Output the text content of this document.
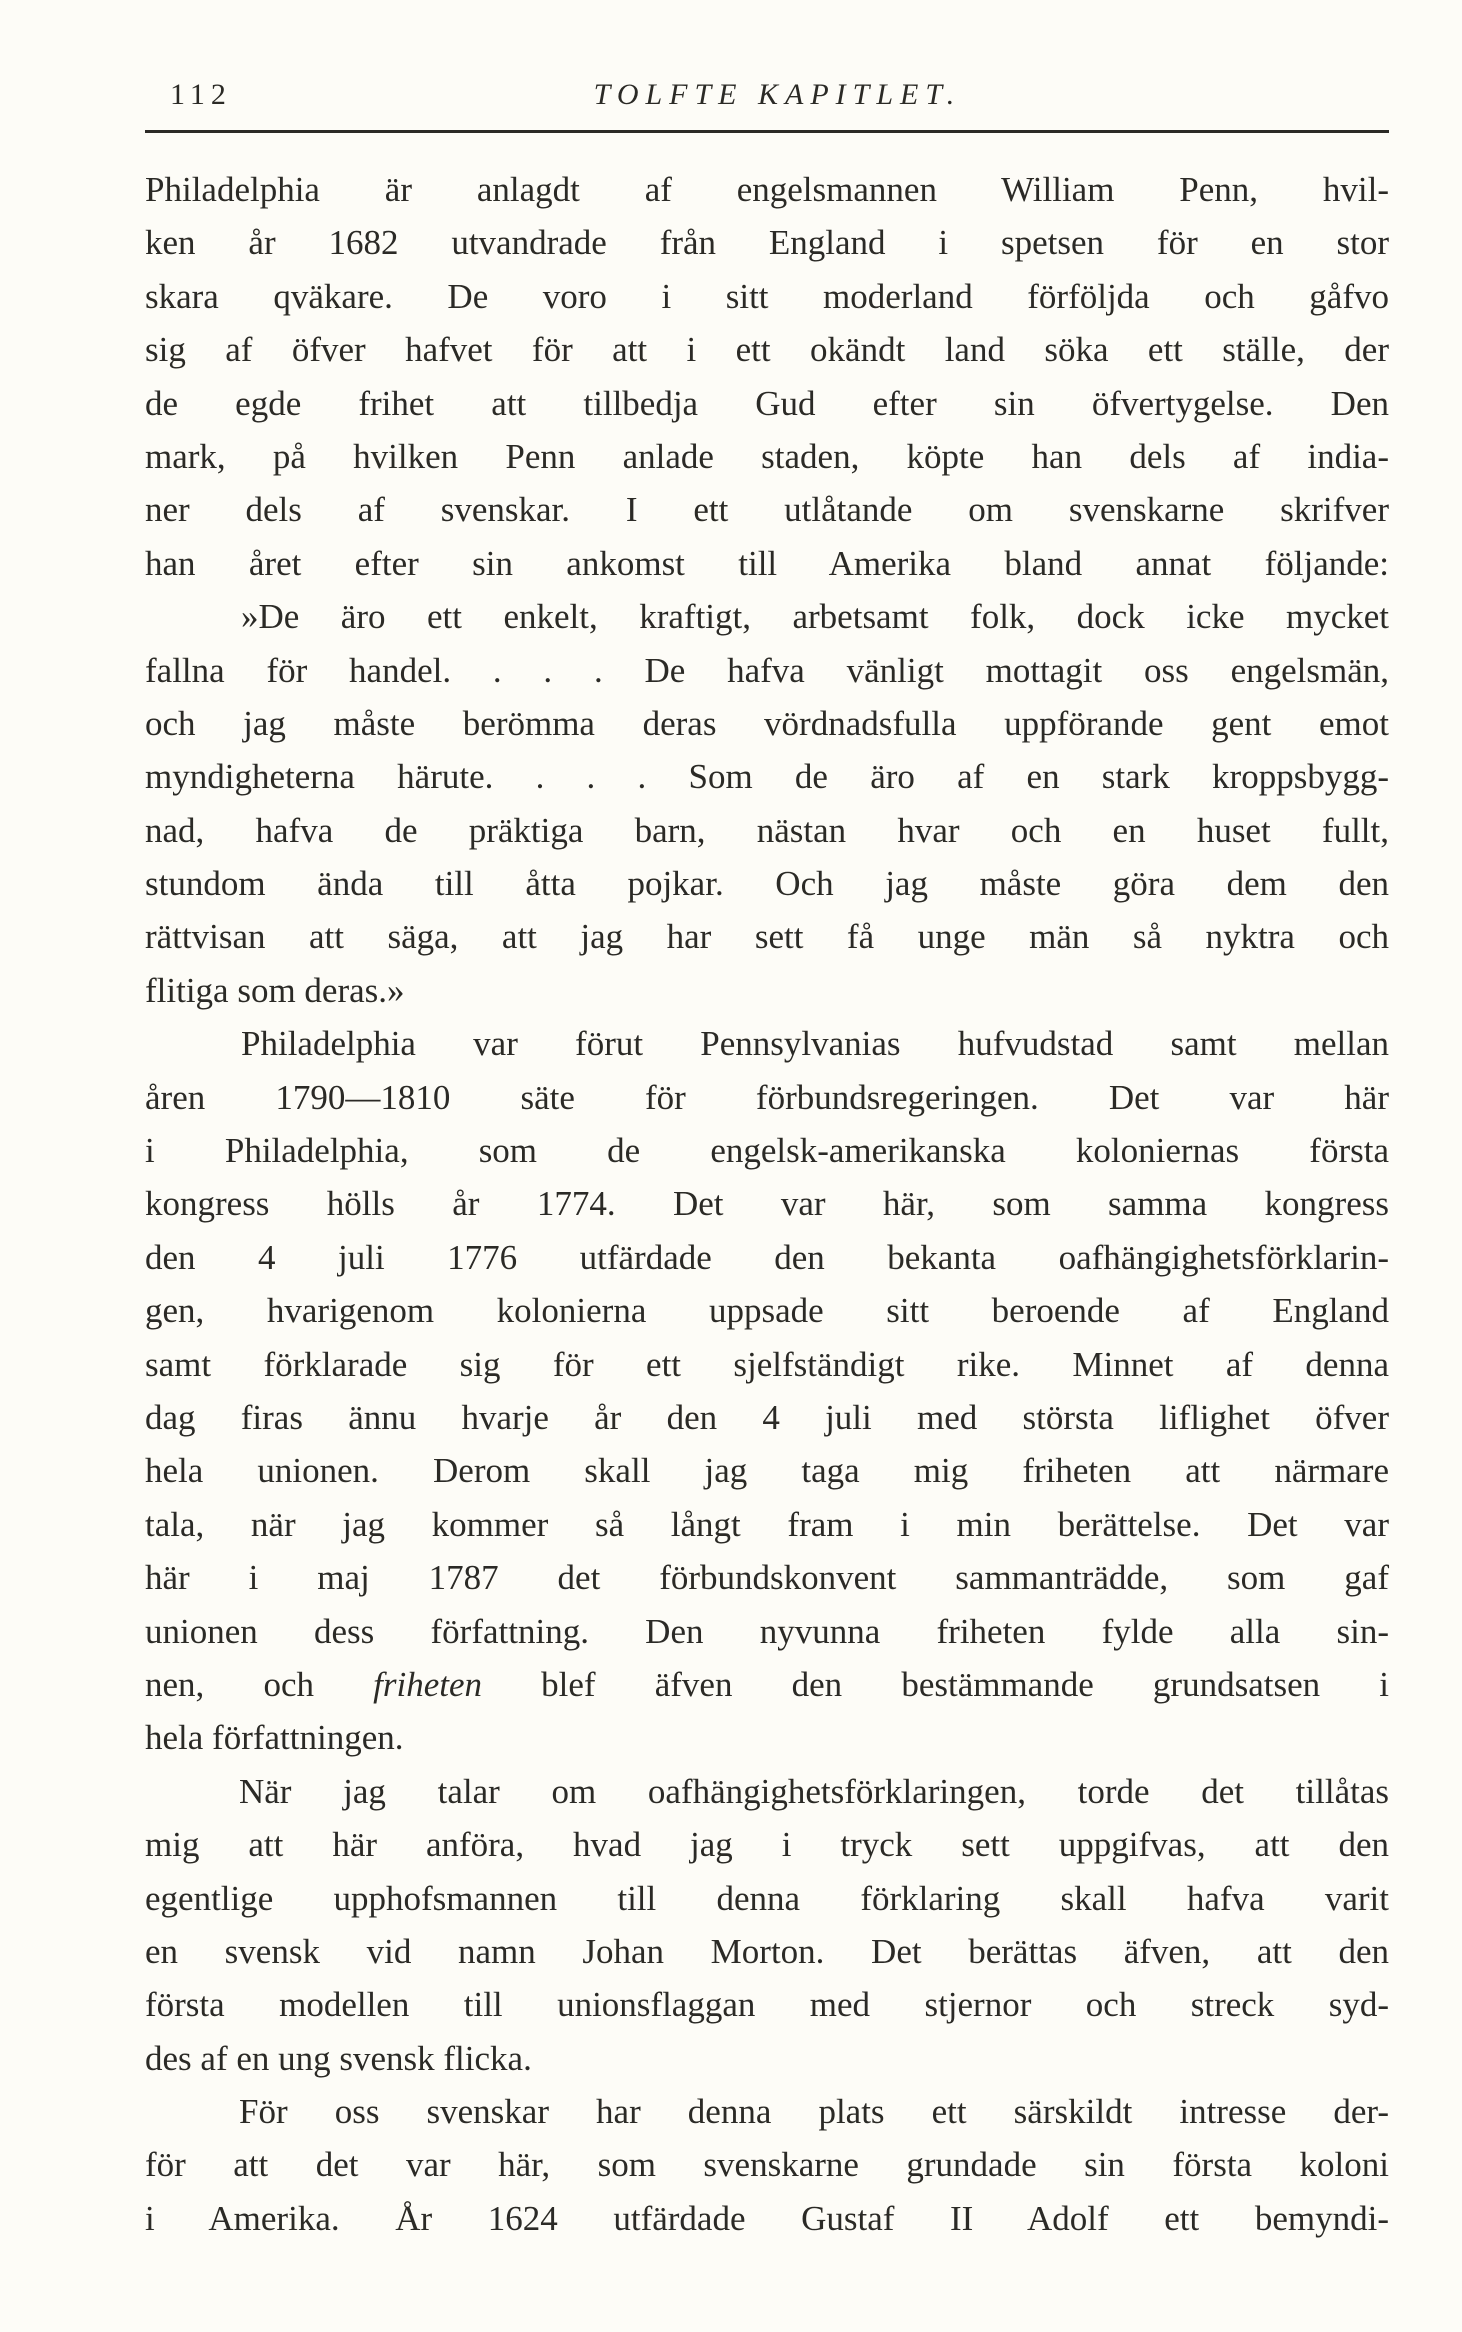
112	TOLFTE KAPITLET.
Philadelphia är anlagdt af engelsmannen William Penn, hvil-
ken år 1682 utvandrade från England i spetsen för en stor
skara qväkare. De voro i sitt moderland förföljda och gåfvo
sig af öfver hafvet för att i ett okändt land söka ett ställe, der
de egde frihet att tillbedja Gud efter sin öfvertygelse. Den
mark, på hvilken Penn anlade staden, köpte han dels af india-
ner dels af svenskar. I ett utlåtande om svenskarne skrifver
han året efter sin ankomst till Amerika bland annat följande:
»De äro ett enkelt, kraftigt, arbetsamt folk, dock icke mycket
fallna för handel. . . . De hafva vänligt mottagit oss engelsmän,
och jag måste berömma deras vördnadsfulla uppförande gent emot
myndigheterna härute. . . . Som de äro af en stark kroppsbygg-
nad, hafva de präktiga barn, nästan hvar och en huset fullt,
stundom ända till åtta pojkar. Och jag måste göra dem den
rättvisan att säga, att jag har sett få unge män så nyktra och
flitiga som deras.»
Philadelphia var förut Pennsylvanias hufvudstad samt mellan
åren 1790—1810 säte för förbundsregeringen. Det var här
i Philadelphia, som de engelsk-amerikanska koloniernas första
kongress hölls år 1774. Det var här, som samma kongress
den 4 juli 1776 utfärdade den bekanta oafhängighetsförklarin-
gen, hvarigenom kolonierna uppsade sitt beroende af England
samt förklarade sig för ett sjelfständigt rike. Minnet af denna
dag firas ännu hvarje år den 4 juli med största liflighet öfver
hela unionen. Derom skall jag taga mig friheten att närmare
tala, när jag kommer så långt fram i min berättelse. Det var
här i maj 1787 det förbundskonvent sammanträdde, som gaf
unionen dess författning. Den nyvunna friheten fylde alla sin-
nen, och friheten blef äfven den bestämmande grundsatsen i
hela författningen.
När jag talar om oafhängighetsförklaringen, torde det tillåtas
mig att här anföra, hvad jag i tryck sett uppgifvas, att den
egentlige upphofsmannen till denna förklaring skall hafva varit
en svensk vid namn Johan Morton. Det berättas äfven, att den
första modellen till unionsflaggan med stjernor och streck syd-
des af en ung svensk flicka.
För oss svenskar har denna plats ett särskildt intresse der-
för att det var här, som svenskarne grundade sin första koloni
i Amerika. År 1624 utfärdade Gustaf II Adolf ett bemyndi-
